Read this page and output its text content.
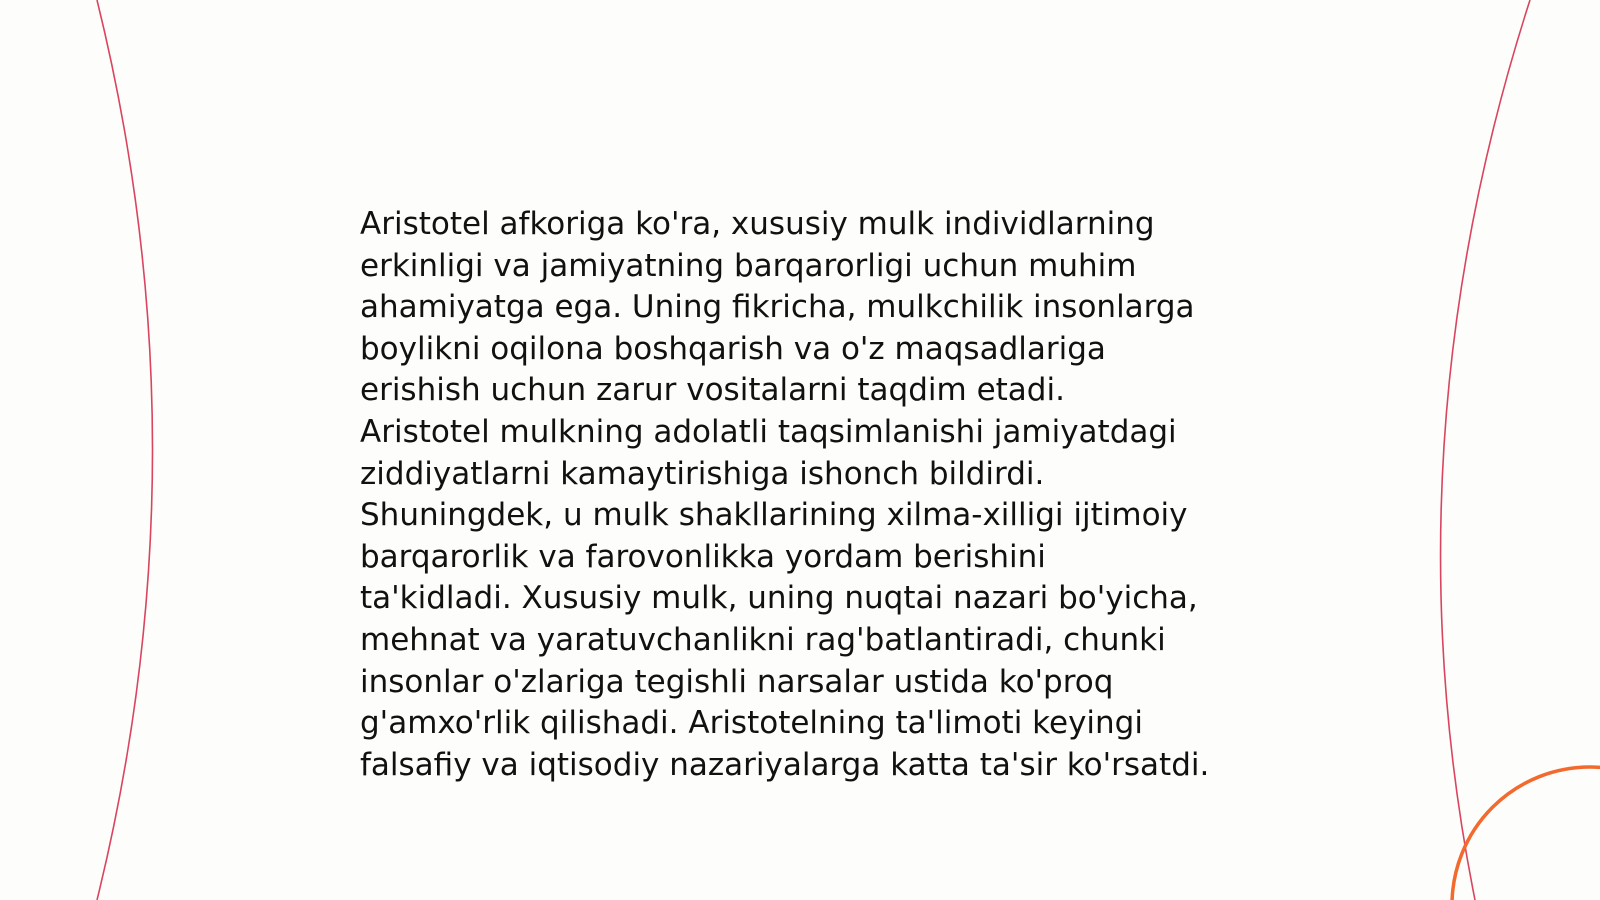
Aristotel afkoriga ko'ra, xususiy mulk individlarning
erkinligi va jamiyatning barqarorligi uchun muhim
ahamiyatga ega. Uning fikricha, mulkchilik insonlarga
boylikni oqilona boshqarish va o'z maqsadlariga
erishish uchun zarur vositalarni taqdim etadi.
Aristotel mulkning adolatli taqsimlanishi jamiyatdagi
ziddiyatlarni kamaytirishiga ishonch bildirdi.
Shuningdek, u mulk shakllarining xilma-xilligi ijtimoiy
barqarorlik va farovonlikka yordam berishini
ta'kidladi. Xususiy mulk, uning nuqtai nazari bo'yicha,
mehnat va yaratuvchanlikni rag'batlantiradi, chunki
insonlar o'zlariga tegishli narsalar ustida ko'proq
g'amxo'rlik qilishadi. Aristotelning ta'limoti keyingi
falsafiy va iqtisodiy nazariyalarga katta ta'sir ko'rsatdi.
